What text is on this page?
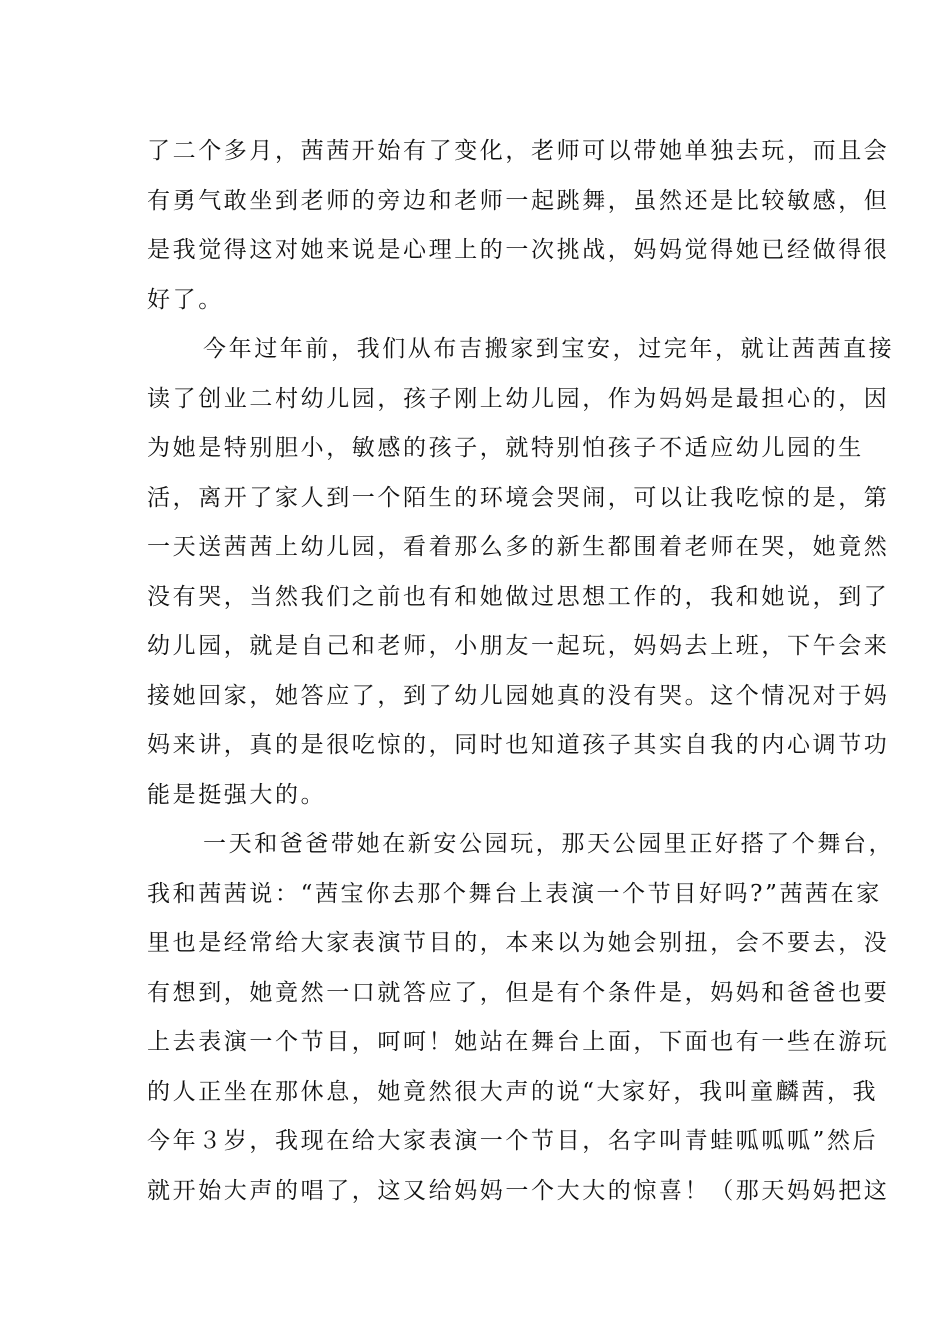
了二个多月，茜茜开始有了变化，老师可以带她单独去玩，而且会
有勇气敢坐到老师的旁边和老师一起跳舞，虽然还是比较敏感，但
是我觉得这对她来说是心理上的一次挑战，妈妈觉得她已经做得很
好了。
今年过年前，我们从布吉搬家到宝安，过完年，就让茜茜直接
读了创业二村幼儿园，孩子刚上幼儿园，作为妈妈是最担心的，因
为她是特别胆小，敏感的孩子，就特别怕孩子不适应幼儿园的生
活，离开了家人到一个陌生的环境会哭闹，可以让我吃惊的是，第
一天送茜茜上幼儿园，看着那么多的新生都围着老师在哭，她竟然
没有哭，当然我们之前也有和她做过思想工作的，我和她说，到了
幼儿园，就是自己和老师，小朋友一起玩，妈妈去上班，下午会来
接她回家，她答应了，到了幼儿园她真的没有哭。这个情况对于妈
妈来讲，真的是很吃惊的，同时也知道孩子其实自我的内心调节功
能是挺强大的。
一天和爸爸带她在新安公园玩，那天公园里正好搭了个舞台，
我和茜茜说：“茜宝你去那个舞台上表演一个节目好吗?”茜茜在家
里也是经常给大家表演节目的，本来以为她会别扭，会不要去，没
有想到，她竟然一口就答应了，但是有个条件是，妈妈和爸爸也要
上去表演一个节目，呵呵！她站在舞台上面，下面也有一些在游玩
的人正坐在那休息，她竟然很大声的说“大家好，我叫童麟茜，我
今年３岁，我现在给大家表演一个节目，名字叫青蛙呱呱呱”然后
就开始大声的唱了，这又给妈妈一个大大的惊喜！（那天妈妈把这
